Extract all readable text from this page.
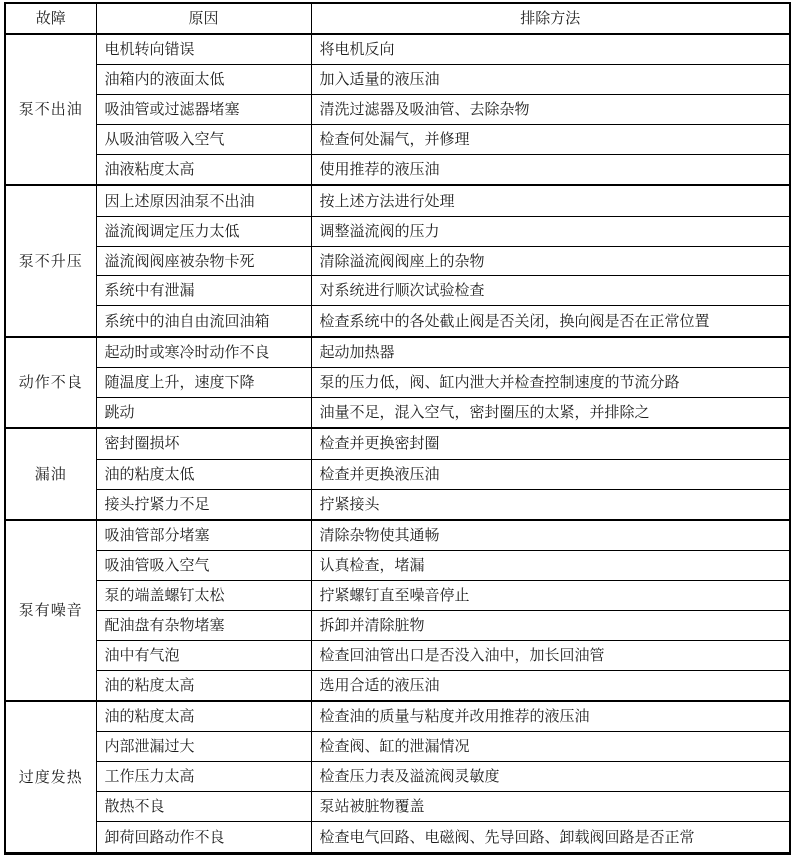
故障	原因	排除方法
泵不出油	电机转向错误	将电机反向
	油箱内的液面太低	加入适量的液压油
	吸油管或过滤器堵塞	清洗过滤器及吸油管、去除杂物
	从吸油管吸入空气	检查何处漏气，并修理
	油液粘度太高	使用推荐的液压油
泵不升压	因上述原因油泵不出油	按上述方法进行处理
	溢流阀调定压力太低	调整溢流阀的压力
	溢流阀阀座被杂物卡死	清除溢流阀阀座上的杂物
	系统中有泄漏	对系统进行顺次试验检查
	系统中的油自由流回油箱	检查系统中的各处截止阀是否关闭，换向阀是否在正常位置
动作不良	起动时或寒冷时动作不良	起动加热器
	随温度上升，速度下降	泵的压力低，阀、缸内泄大并检查控制速度的节流分路
	跳动	油量不足，混入空气，密封圈压的太紧，并排除之
漏油	密封圈损坏	检查并更换密封圈
	油的粘度太低	检查并更换液压油
	接头拧紧力不足	拧紧接头
泵有噪音	吸油管部分堵塞	清除杂物使其通畅
	吸油管吸入空气	认真检查，堵漏
	泵的端盖螺钉太松	拧紧螺钉直至噪音停止
	配油盘有杂物堵塞	拆卸并清除脏物
	油中有气泡	检查回油管出口是否没入油中，加长回油管
	油的粘度太高	选用合适的液压油
过度发热	油的粘度太高	检查油的质量与粘度并改用推荐的液压油
	内部泄漏过大	检查阀、缸的泄漏情况
	工作压力太高	检查压力表及溢流阀灵敏度
	散热不良	泵站被脏物覆盖
	卸荷回路动作不良	检查电气回路、电磁阀、先导回路、卸载阀回路是否正常
